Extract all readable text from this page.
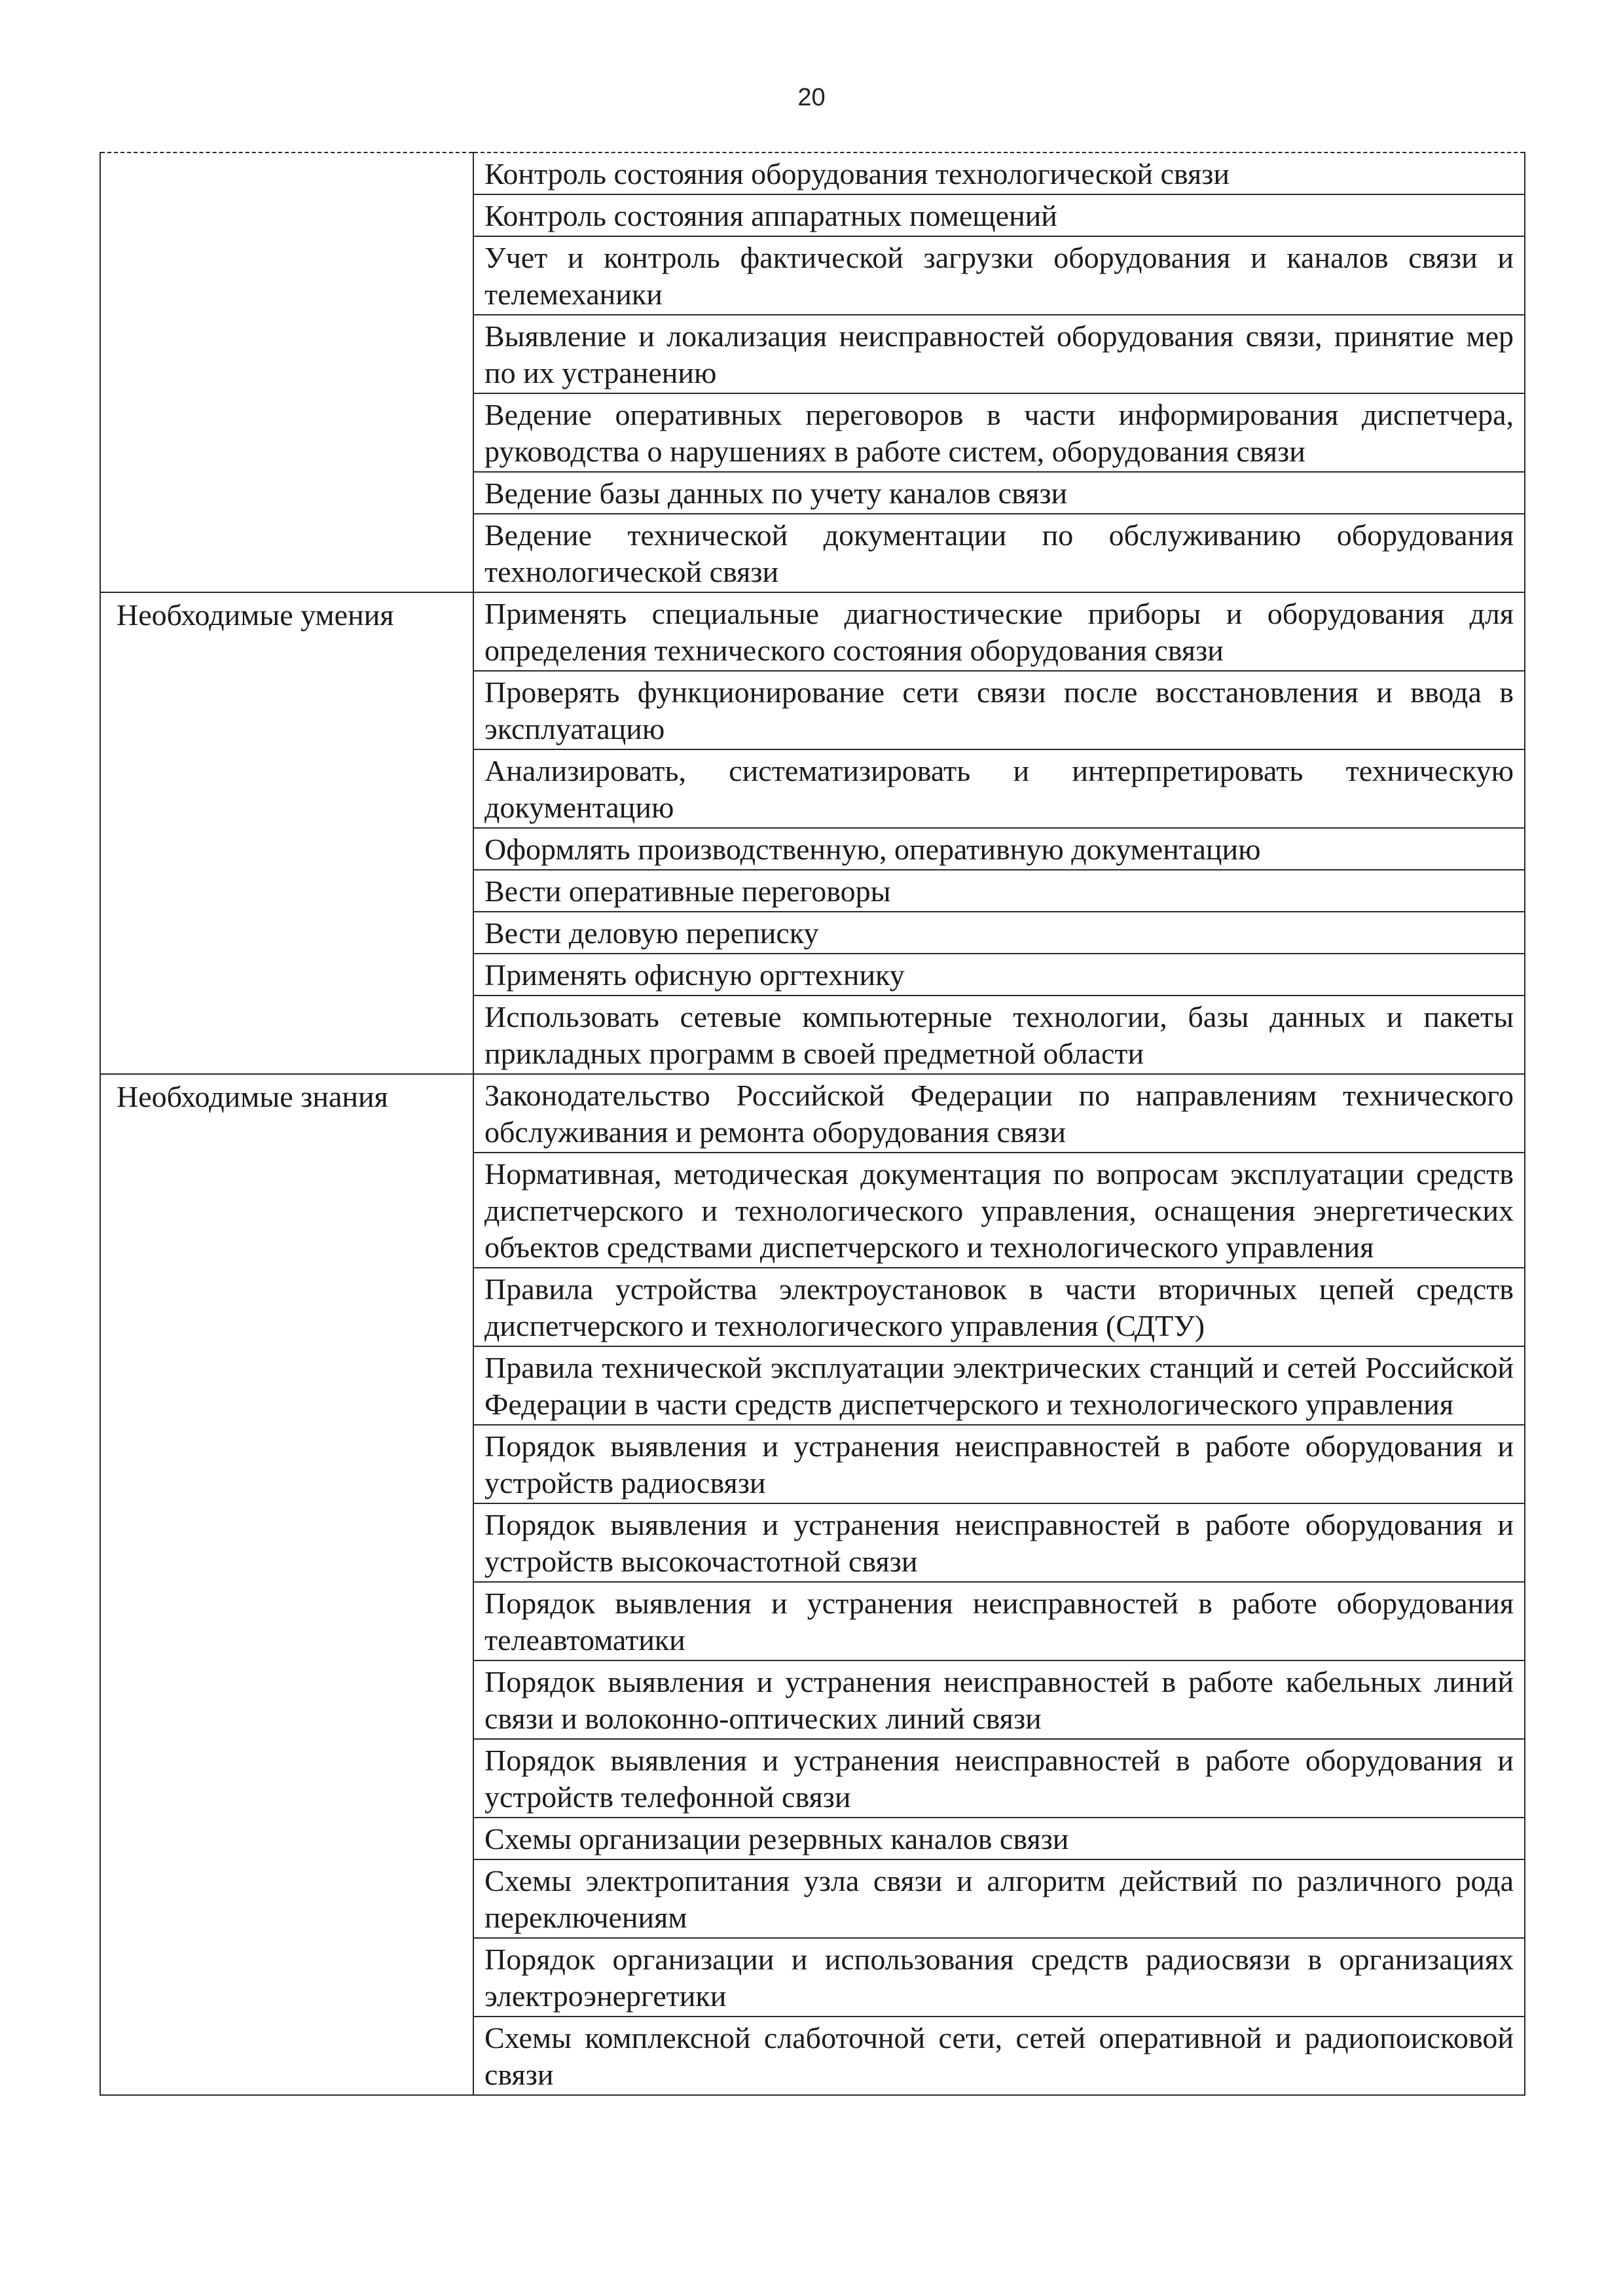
20
	Контроль состояния оборудования технологической связи
	Контроль состояния аппаратных помещений
	Учет и контроль фактической загрузки оборудования и каналов связи и телемеханики
	Выявление и локализация неисправностей оборудования связи, принятие мер по их устранению
	Ведение оперативных переговоров в части информирования диспетчера, руководства о нарушениях в работе систем, оборудования связи
	Ведение базы данных по учету каналов связи
	Ведение технической документации по обслуживанию оборудования технологической связи
Необходимые умения	Применять специальные диагностические приборы и оборудования для определения технического состояния оборудования связи
	Проверять функционирование сети связи после восстановления и ввода в эксплуатацию
	Анализировать, систематизировать и интерпретировать техническую документацию
	Оформлять производственную, оперативную документацию
	Вести оперативные переговоры
	Вести деловую переписку
	Применять офисную оргтехнику
	Использовать сетевые компьютерные технологии, базы данных и пакеты прикладных программ в своей предметной области
Необходимые знания	Законодательство Российской Федерации по направлениям технического обслуживания и ремонта оборудования связи
	Нормативная, методическая документация по вопросам эксплуатации средств диспетчерского и технологического управления, оснащения энергетических объектов средствами диспетчерского и технологического управления
	Правила устройства электроустановок в части вторичных цепей средств диспетчерского и технологического управления (СДТУ)
	Правила технической эксплуатации электрических станций и сетей Российской Федерации в части средств диспетчерского и технологического управления
	Порядок выявления и устранения неисправностей в работе оборудования и устройств радиосвязи
	Порядок выявления и устранения неисправностей в работе оборудования и устройств высокочастотной связи
	Порядок выявления и устранения неисправностей в работе оборудования телеавтоматики
	Порядок выявления и устранения неисправностей в работе кабельных линий связи и волоконно-оптических линий связи
	Порядок выявления и устранения неисправностей в работе оборудования и устройств телефонной связи
	Схемы организации резервных каналов связи
	Схемы электропитания узла связи и алгоритм действий по различного рода переключениям
	Порядок организации и использования средств радиосвязи в организациях электроэнергетики
	Схемы комплексной слаботочной сети, сетей оперативной и радиопоисковой связи
